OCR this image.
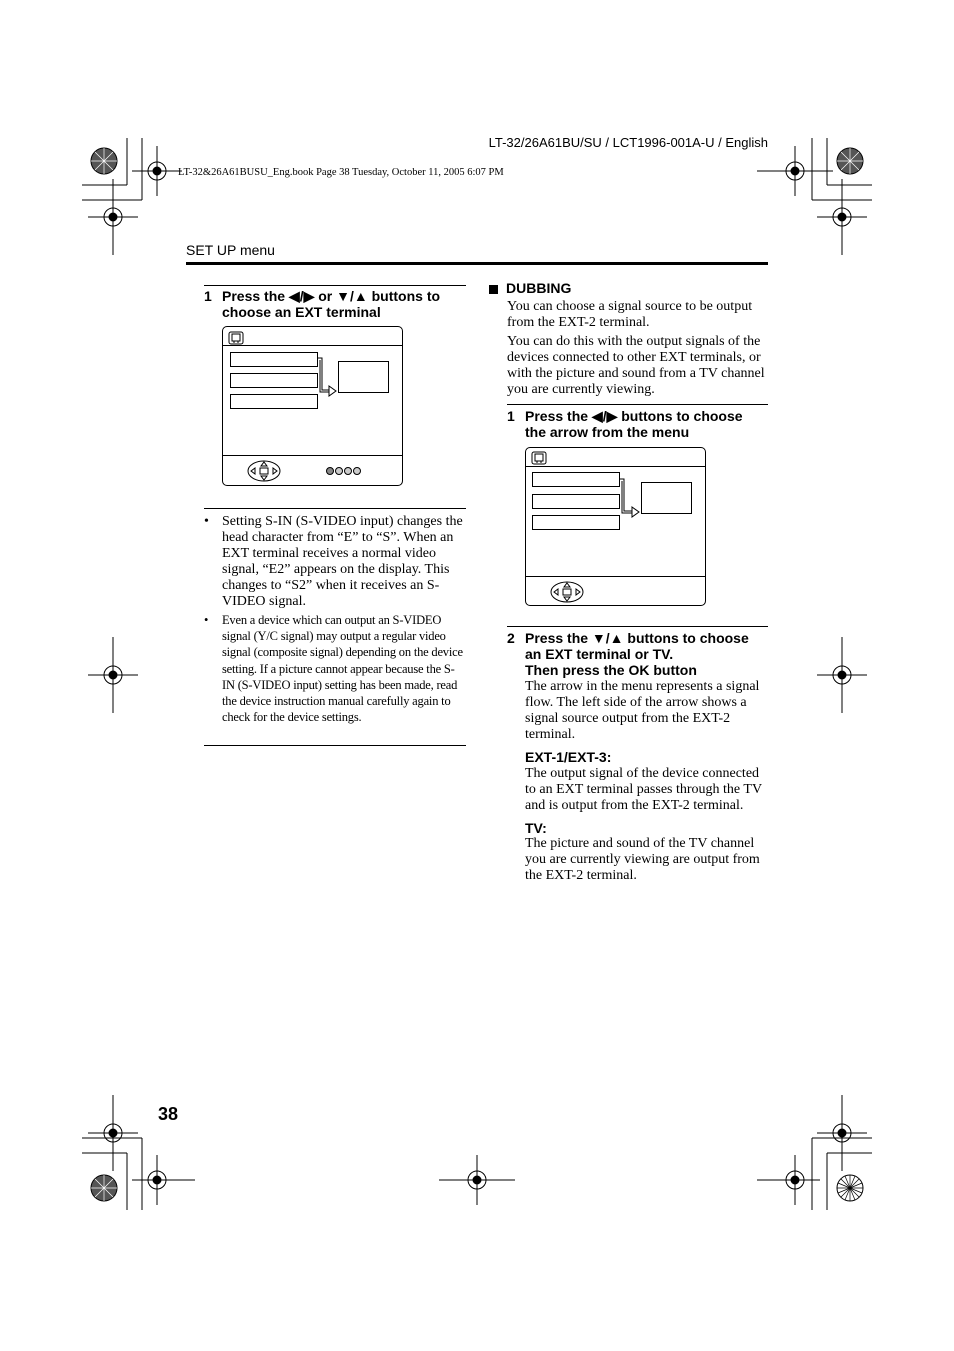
LT-32/26A61BU/SU / LCT1996-001A-U / English
LT-32&26A61BUSU_Eng.book Page 38 Tuesday, October 11, 2005 6:07 PM
SET UP menu
1 Press the ◀/▶ or ▼/▲ buttons to choose an EXT terminal
• Setting S-IN (S-VIDEO input) changes the head character from “E” to “S”. When an EXT terminal receives a normal video signal, “E2” appears on the display. This changes to “S2” when it receives an S-VIDEO signal.
• Even a device which can output an S-VIDEO signal (Y/C signal) may output a regular video signal (composite signal) depending on the device setting. If a picture cannot appear because the S-IN (S-VIDEO input) setting has been made, read the device instruction manual carefully again to check for the device settings.
DUBBING
You can choose a signal source to be output from the EXT-2 terminal.
You can do this with the output signals of the devices connected to other EXT terminals, or with the picture and sound from a TV channel you are currently viewing.
1 Press the ◀/▶ buttons to choose the arrow from the menu
2 Press the ▼/▲ buttons to choose an EXT terminal or TV.
Then press the OK button
The arrow in the menu represents a signal flow. The left side of the arrow shows a signal source output from the EXT-2 terminal.
EXT-1/EXT-3:
The output signal of the device connected to an EXT terminal passes through the TV and is output from the EXT-2 terminal.
TV:
The picture and sound of the TV channel you are currently viewing are output from the EXT-2 terminal.
38
